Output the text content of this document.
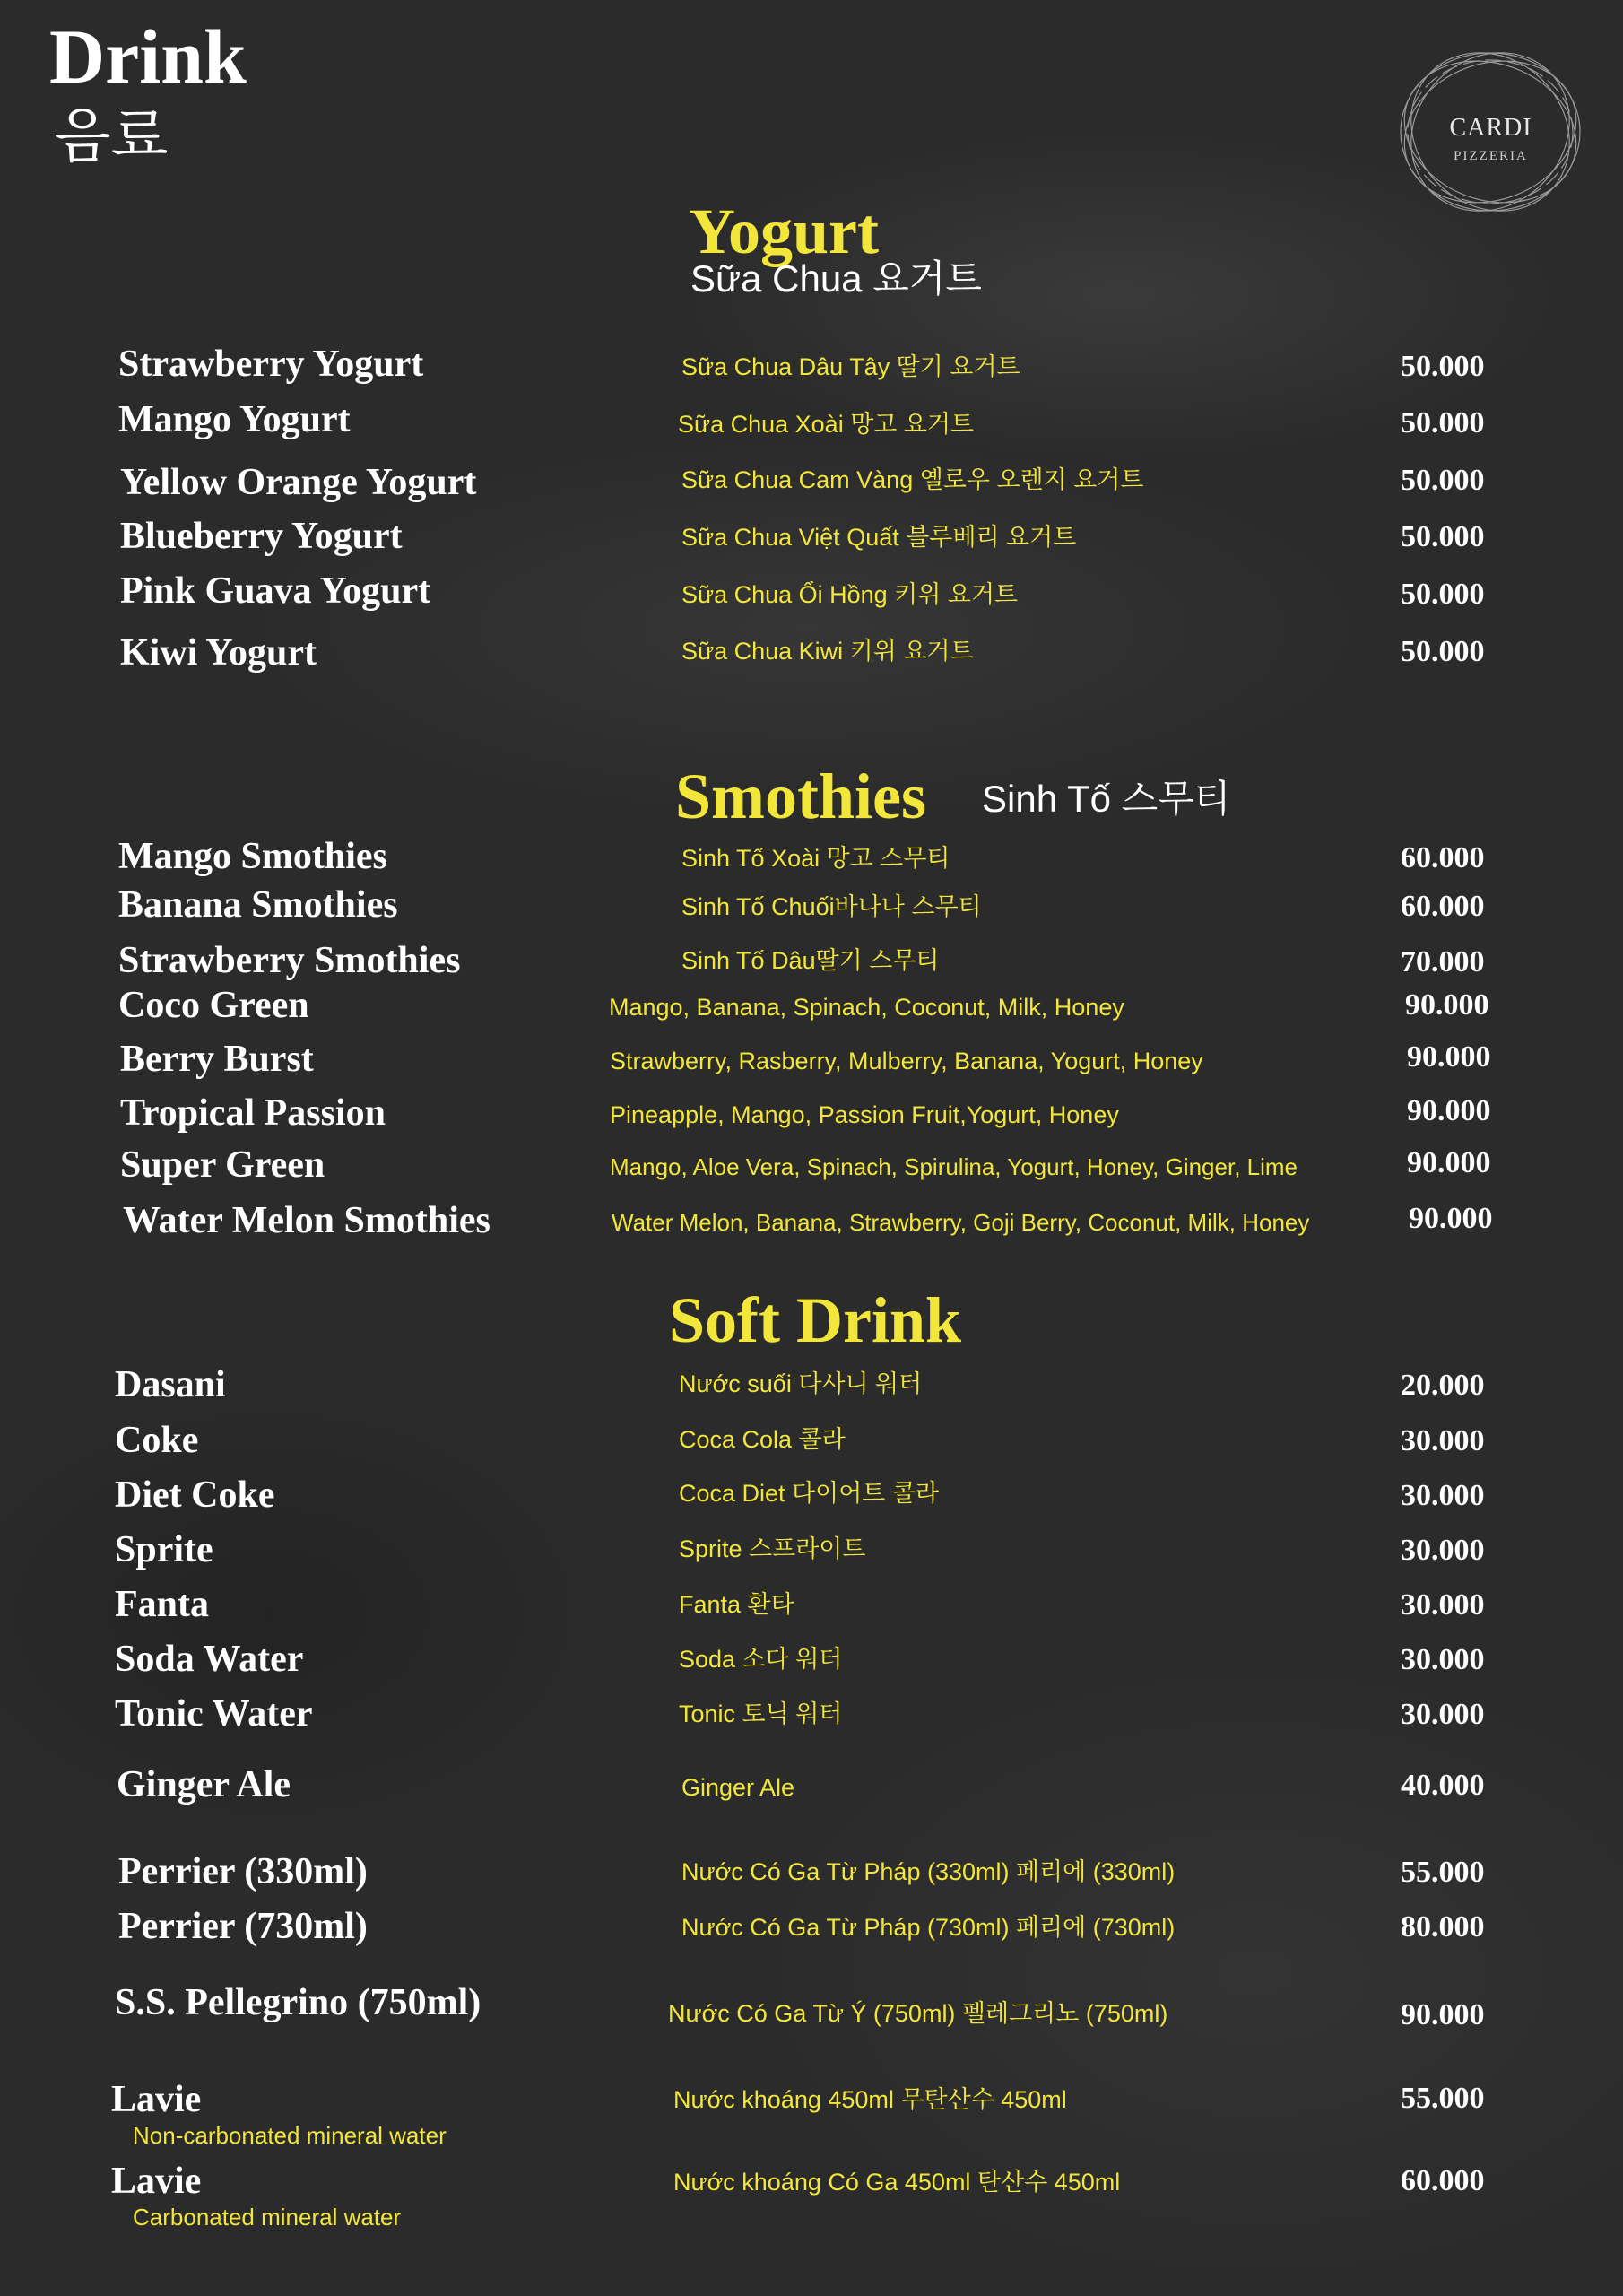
Drink
음료	CARDI
PIZZERIA
Yogurt
Sữa Chua 요거트
Strawberry Yogurt	Sữa Chua Dâu Tây 딸기 요거트	50.000
Mango Yogurt	Sữa Chua Xoài 망고 요거트	50.000
Yellow Orange Yogurt	Sữa Chua Cam Vàng 옐로우 오렌지 요거트	50.000
Blueberry Yogurt	Sữa Chua Việt Quất 블루베리 요거트	50.000
Pink Guava Yogurt	Sữa Chua Ổi Hồng 키위 요거트	50.000
Kiwi Yogurt	Sữa Chua Kiwi 키위 요거트	50.000
Smothies Sinh Tố 스무티
Mango Smothies	Sinh Tố Xoài 망고 스무티	60.000
Banana Smothies	Sinh Tố Chuối바나나 스무티	60.000
Strawberry Smothies	Sinh Tố Dâu딸기 스무티	70.000
Coco Green	Mango, Banana, Spinach, Coconut, Milk, Honey	90.000
Berry Burst	Strawberry, Rasberry, Mulberry, Banana, Yogurt, Honey	90.000
Tropical Passion	Pineapple, Mango, Passion Fruit,Yogurt, Honey	90.000
Super Green	Mango, Aloe Vera, Spinach, Spirulina, Yogurt, Honey, Ginger, Lime	90.000
Water Melon Smothies	Water Melon, Banana, Strawberry, Goji Berry, Coconut, Milk, Honey	90.000
Soft Drink
Dasani	Nước suối 다사니 워터	20.000
Coke	Coca Cola 콜라	30.000
Diet Coke	Coca Diet 다이어트 콜라	30.000
Sprite	Sprite 스프라이트	30.000
Fanta	Fanta 환타	30.000
Soda Water	Soda 소다 워터	30.000
Tonic Water	Tonic 토닉 워터	30.000
Ginger Ale	Ginger Ale	40.000
Perrier (330ml)	Nước Có Ga Từ Pháp (330ml) 페리에 (330ml)	55.000
Perrier (730ml)	Nước Có Ga Từ Pháp (730ml) 페리에 (730ml)	80.000
S.S. Pellegrino (750ml)	Nước Có Ga Từ Ý (750ml) 펠레그리노 (750ml)	90.000
Lavie
Non-carbonated mineral water
Nước khoáng 450ml 무탄산수 450ml	55.000
Lavie
Carbonated mineral water
Nước khoáng Có Ga 450ml 탄산수 450ml	60.000
